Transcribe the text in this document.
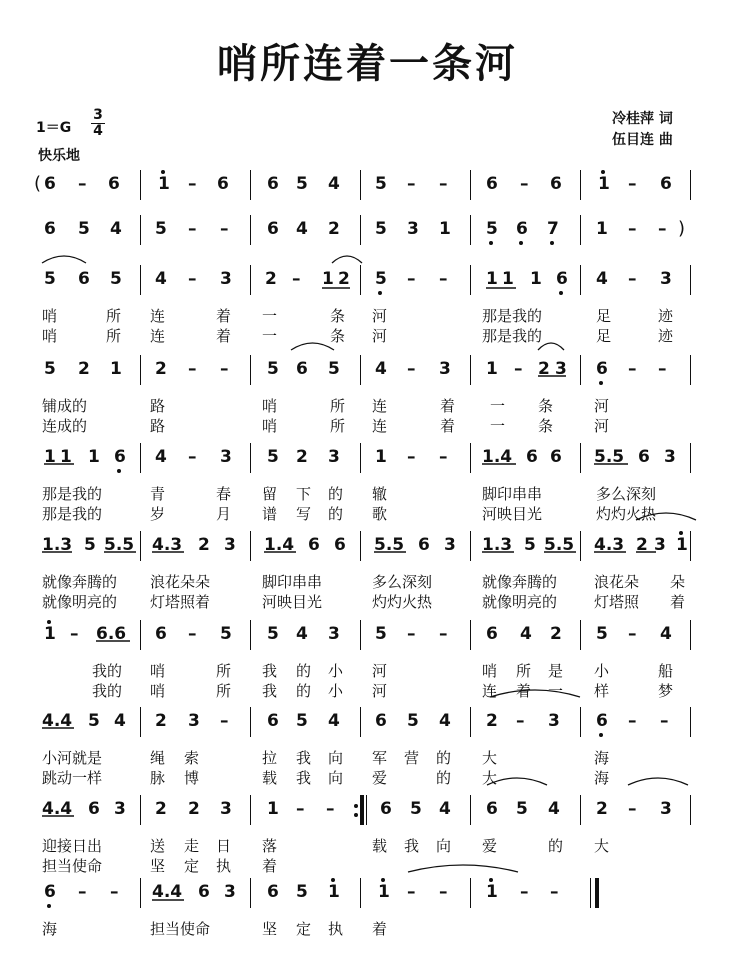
哨所连着一条河
1＝G
3
4
快乐地
冷桂萍 词
伍目连 曲
( 6 – 6 1 – 6 6 5 4 5 – – 6 – 6 1 – 6
6 5 4 5 – – 6 4 2 5 3 1 5 6 7 1 – – )
5 6 5 4 – 3 2 – 1 2 5 – – 1 1 1 6 4 – 3
哨	所 连	着 一	条 河	那是我的	足	迹
哨	所 连	着 一	条 河	那是我的	足	迹
5 2 1 2 – – 5 6 5 4 – 3 1 – 2 3 6 – –
铺成的	路	哨	所 连	着 一 条	河
连成的	路	哨	所 连	着 一 条	河
1 1 1 6 4 – 3 5 2 3 1 – – 1.4 6 6 5.5 6 3
那是我的	青	春 留 下 的 辙	脚印串串	多么深刻
那是我的	岁	月 谱 写 的 歌	河映目光	灼灼火热
1.3 5 5.5 4.3 2 3 1.4 6 6 5.5 6 3 1.3 5 5.5 4.3 2 3 1
就像奔腾的 浪花朵朵	脚印串串	多么深刻	就像奔腾的 浪花朵 朵
就像明亮的 灯塔照着	河映目光	灼灼火热	就像明亮的 灯塔照 着
1 – 6.6 6 – 5 5 4 3 5 – – 6 4 2 5 – 4
我的 哨	所 我 的 小 河	哨 所 是 小	船
我的 哨	所 我 的 小 河	连 着 一 样	梦
4.4 5 4 2 3 – 6 5 4 6 5 4 2 – 3 6 – –
小河就是	绳 索	拉 我 向 军 营 的 大	海
跳动一样	脉 博	载 我 向 爱	的 大	海
4.4 6 3 2 2 3 1 – –	6 5 4 6 5 4 2 – 3
迎接日出	送 走 日 落	载 我 向 爱	的 大
担当使命	坚 定 执 着
6 – – 4.4 6 3 6 5 1 1 – – 1 – –
海	担当使命	坚 定 执 着
